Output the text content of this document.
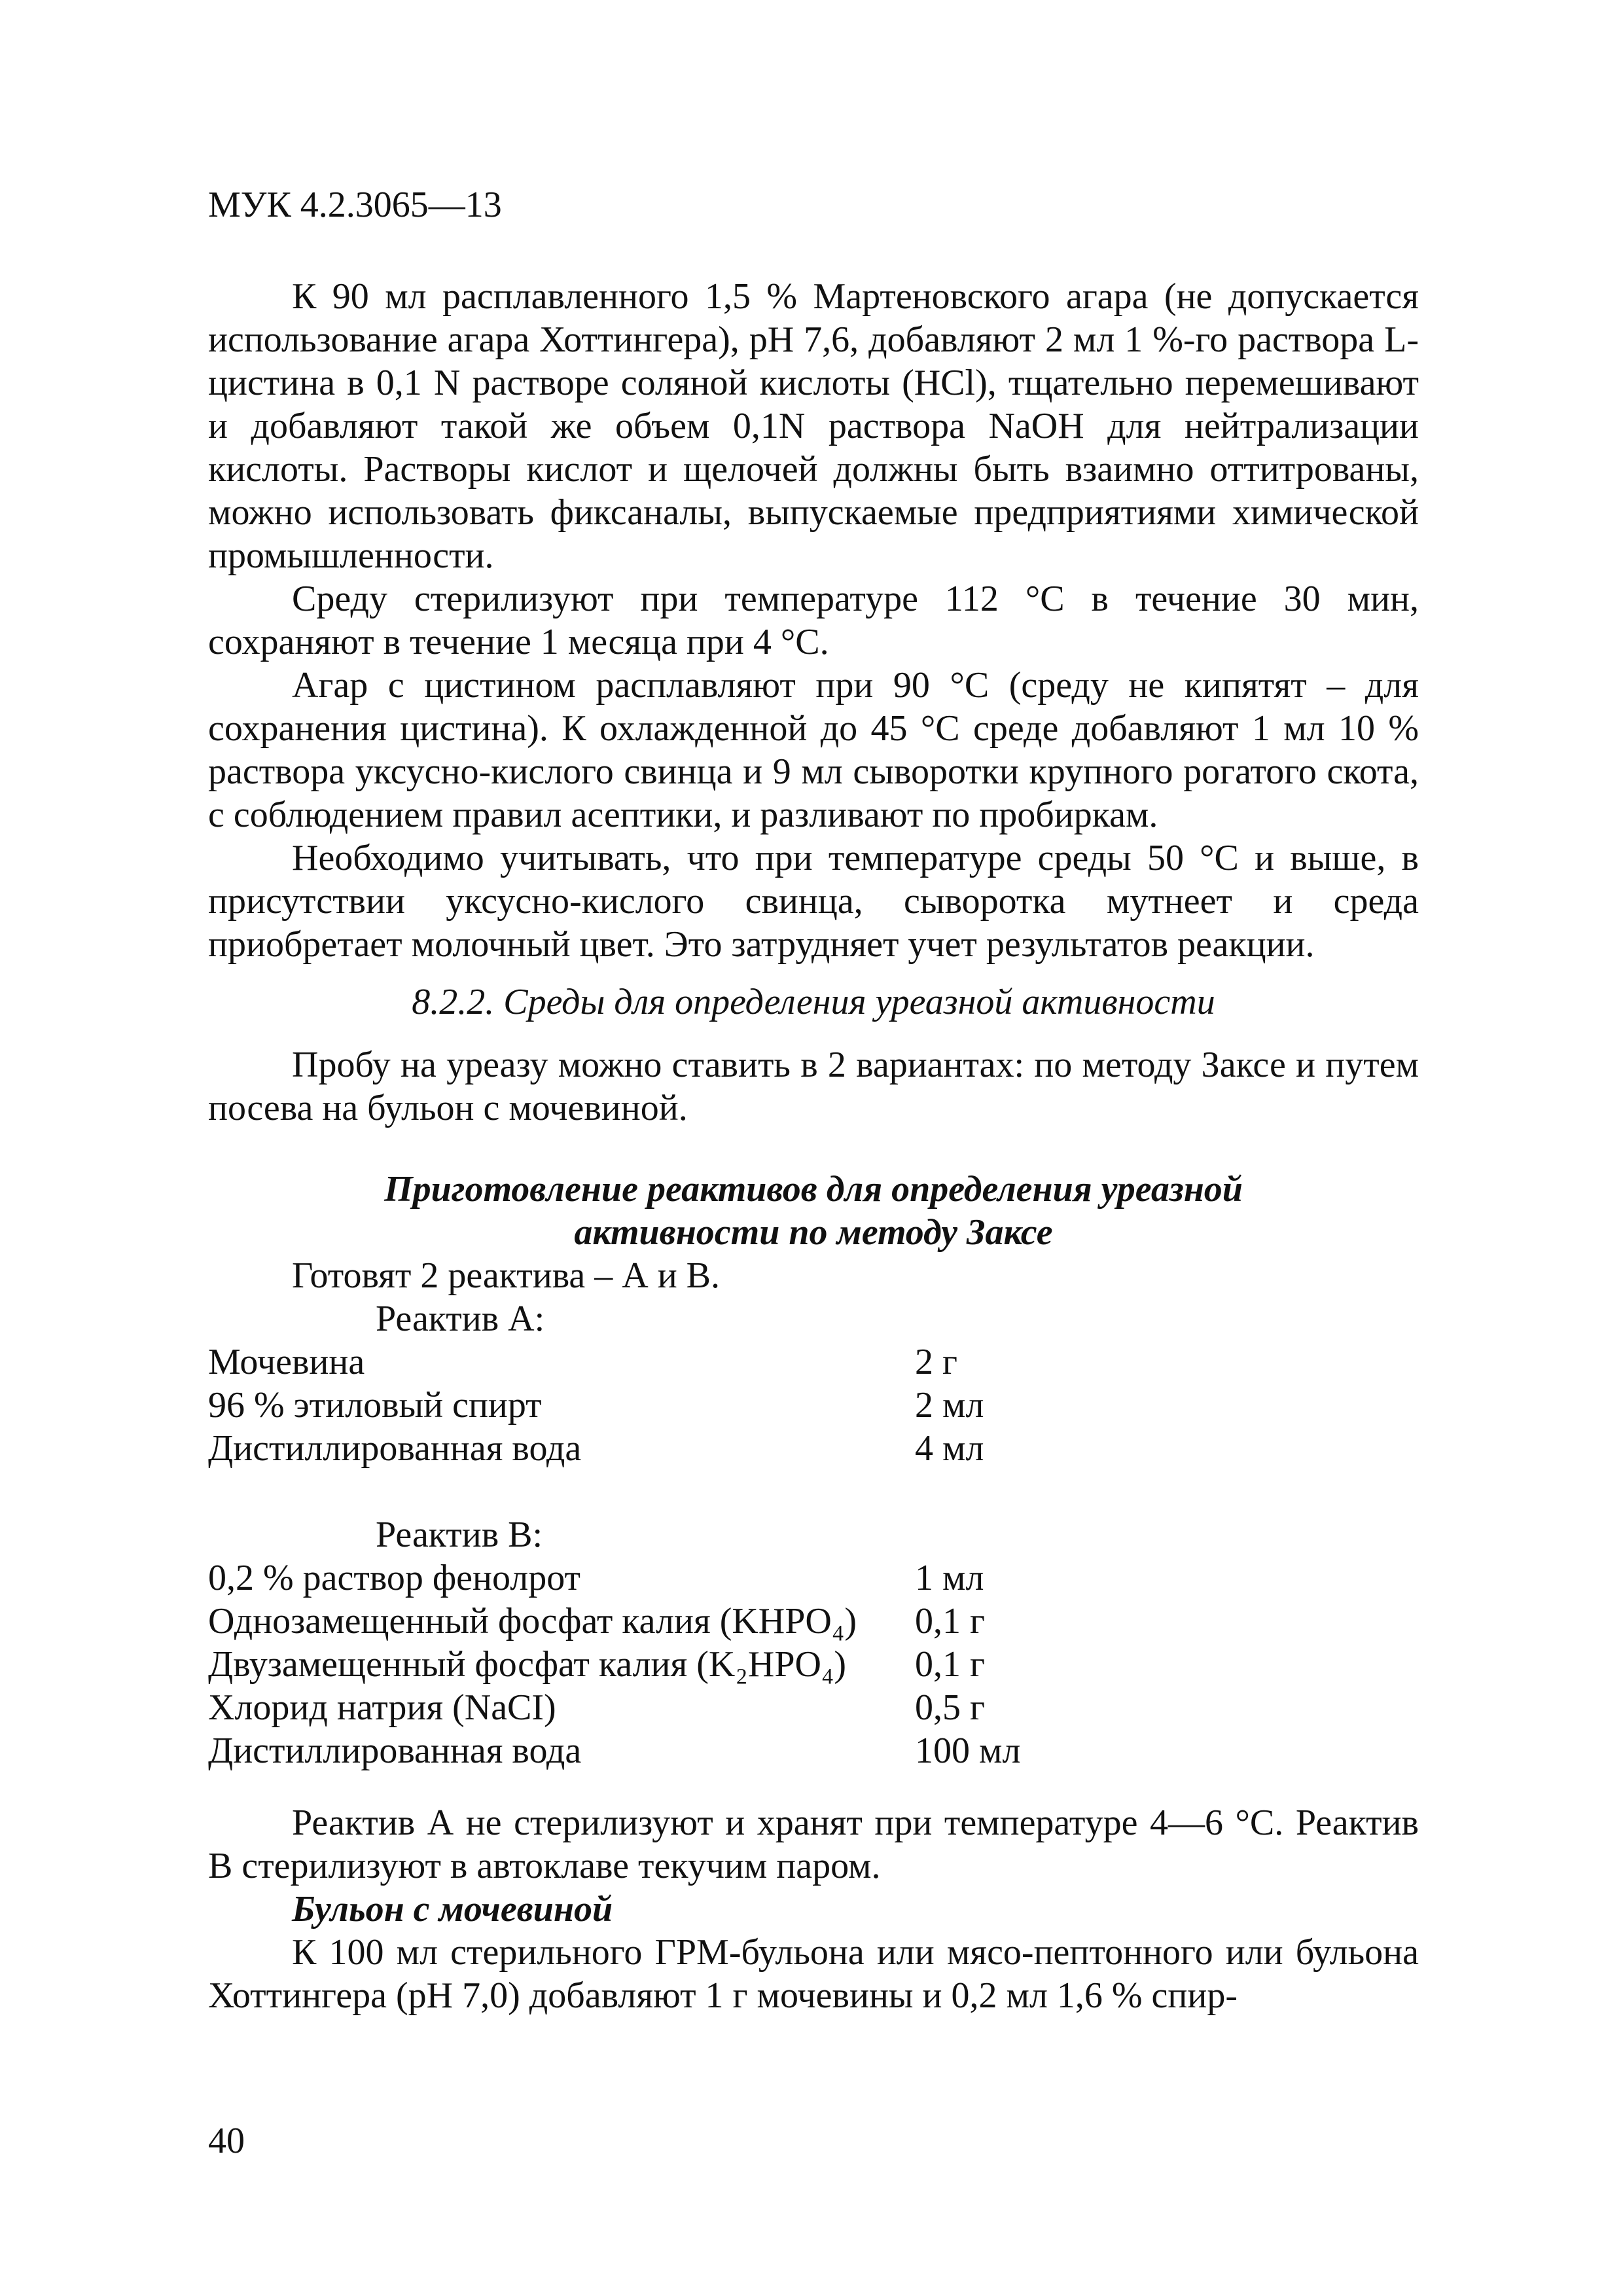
МУК 4.2.3065—13

К 90 мл расплавленного 1,5 % Мартеновского агара (не допускается использование агара Хоттингера), pH 7,6, добавляют 2 мл 1 %-го раствора L-цистина в 0,1 N растворе соляной кислоты (HCl), тщательно перемешивают и добавляют такой же объем 0,1N раствора NaOH для нейтрализации кислоты. Растворы кислот и щелочей должны быть взаимно оттитрованы, можно использовать фиксаналы, выпускаемые предприятиями химической промышленности.

Среду стерилизуют при температуре 112 °С в течение 30 мин, сохраняют в течение 1 месяца при 4 °С.

Агар с цистином расплавляют при 90 °С (среду не кипятят – для сохранения цистина). К охлажденной до 45 °С среде добавляют 1 мл 10 % раствора уксусно-кислого свинца и 9 мл сыворотки крупного рогатого скота, с соблюдением правил асептики, и разливают по пробиркам.

Необходимо учитывать, что при температуре среды 50 °С и выше, в присутствии уксусно-кислого свинца, сыворотка мутнеет и среда приобретает молочный цвет. Это затрудняет учет результатов реакции.

8.2.2. Среды для определения уреазной активности

Пробу на уреазу можно ставить в 2 вариантах: по методу Заксе и путем посева на бульон с мочевиной.

Приготовление реактивов для определения уреазной
активности по методу Заксе

Готовят 2 реактива – А и В.

Реактив А:

Мочевина	2 г
96 % этиловый спирт	2 мл
Дистиллированная вода	4 мл

Реактив В:

0,2 % раствор фенолрот	1 мл
Однозамещенный фосфат калия (KHPO₄)	0,1 г
Двузамещенный фосфат калия (K₂HPO₄)	0,1 г
Хлорид натрия (NaCI)	0,5 г
Дистиллированная вода	100 мл

Реактив А не стерилизуют и хранят при температуре 4—6 °С. Реактив В стерилизуют в автоклаве текучим паром.

Бульон с мочевиной

К 100 мл стерильного ГРМ-бульона или мясо-пептонного или бульона Хоттингера (рН 7,0) добавляют 1 г мочевины и 0,2 мл 1,6 % спир-

40
